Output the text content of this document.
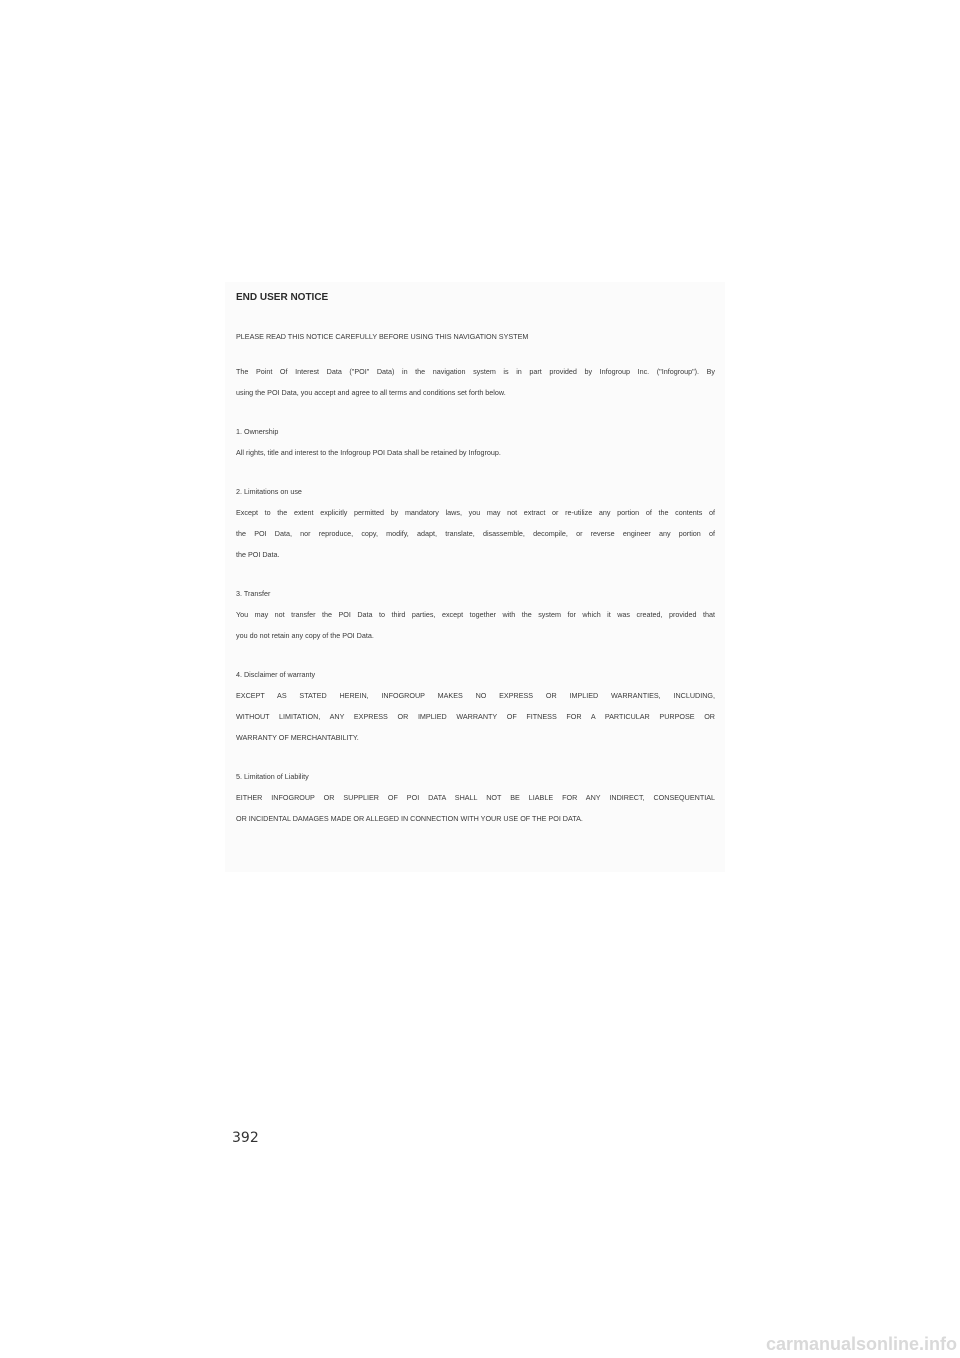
END USER NOTICE

PLEASE READ THIS NOTICE CAREFULLY BEFORE USING THIS NAVIGATION SYSTEM

The Point Of Interest Data ("POI" Data) in the navigation system is in part provided by Infogroup Inc. ("Infogroup"). By

using the POI Data, you accept and agree to all terms and conditions set forth below.

1. Ownership

All rights, title and interest to the Infogroup POI Data shall be retained by Infogroup.

2. Limitations on use

Except to the extent explicitly permitted by mandatory laws, you may not extract or re-utilize any portion of the contents of

the POI Data, nor reproduce, copy, modify, adapt, translate, disassemble, decompile, or reverse engineer any portion of

the POI Data.

3. Transfer

You may not transfer the POI Data to third parties, except together with the system for which it was created, provided that

you do not retain any copy of the POI Data.

4. Disclaimer of warranty

EXCEPT AS STATED HEREIN, INFOGROUP MAKES NO EXPRESS OR IMPLIED WARRANTIES, INCLUDING,

WITHOUT LIMITATION, ANY EXPRESS OR IMPLIED WARRANTY OF FITNESS FOR A PARTICULAR PURPOSE OR

WARRANTY OF MERCHANTABILITY.

5. Limitation of Liability

EITHER INFOGROUP OR SUPPLIER OF POI DATA SHALL NOT BE LIABLE FOR ANY INDIRECT, CONSEQUENTIAL

OR INCIDENTAL DAMAGES MADE OR ALLEGED IN CONNECTION WITH YOUR USE OF THE POI DATA.

392
carmanualsonline.info
